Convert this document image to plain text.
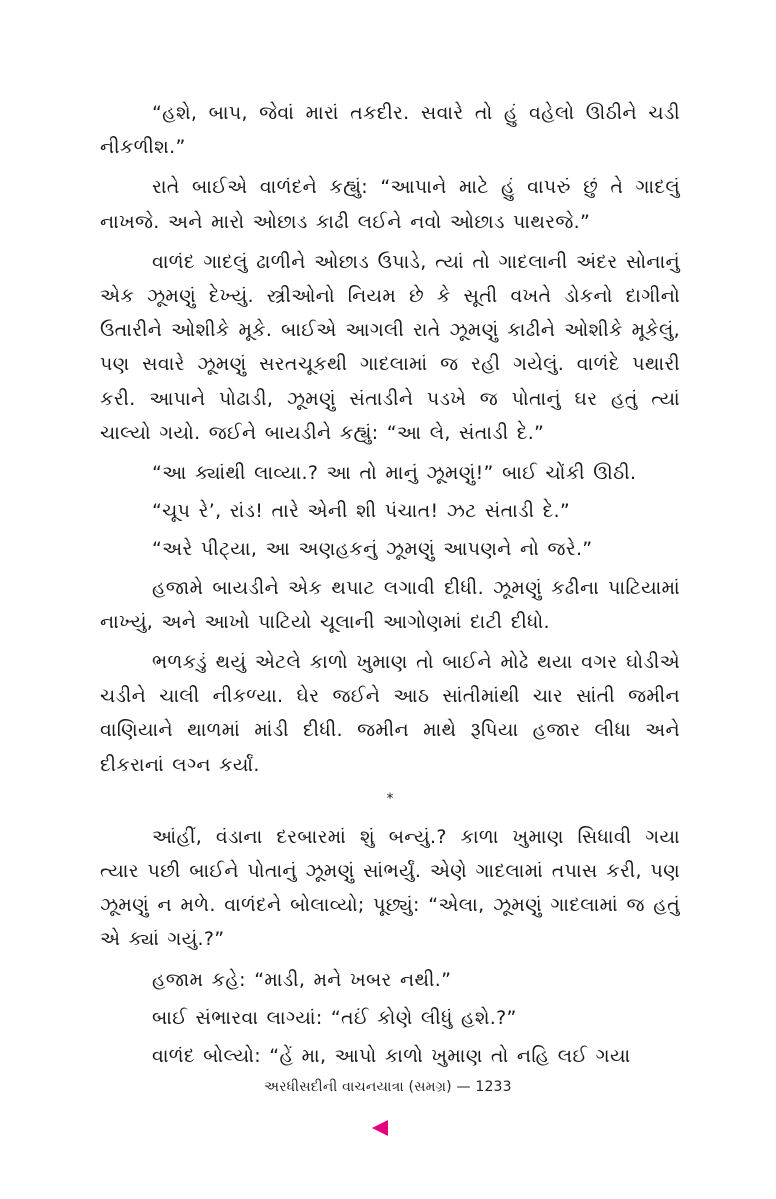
“હશે, બાપ, જેવાં મારાં તકદીર. સવારે તો હું વહેલો ઊઠીને ચડી નીકળીશ.”

રાતે બાઈએ વાળંદને કહ્યું: “આપાને માટે હું વાપરું છું તે ગાદલું નાખજે. અને મારો ઓછાડ કાઢી લઈને નવો ઓછાડ પાથરજે.”

વાળંદ ગાદલું ઢાળીને ઓછાડ ઉપાડે, ત્યાં તો ગાદલાની અંદર સોનાનું એક ઝૂમણું દેખ્યું. સ્ત્રીઓનો નિયમ છે કે સૂતી વખતે ડોકનો દાગીનો ઉતારીને ઓશીકે મૂકે. બાઈએ આગલી રાતે ઝૂમણું કાઢીને ઓશીકે મૂકેલું, પણ સવારે ઝૂમણું સરતચૂકથી ગાદલામાં જ રહી ગયેલું. વાળંદે પથારી કરી. આપાને પોઢાડી, ઝૂમણું સંતાડીને પડખે જ પોતાનું ઘર હતું ત્યાં ચાલ્યો ગયો. જઈને બાયડીને કહ્યું: “આ લે, સંતાડી દે.”

“આ ક્યાંથી લાવ્યા.? આ તો માનું ઝૂમણું!” બાઈ ચોંકી ઊઠી.

“ચૂપ રે’, રાંડ! તારે એની શી પંચાત! ઝટ સંતાડી દે.”

“અરે પીટ્યા, આ અણહકનું ઝૂમણું આપણને નો જરે.”

હજામે બાયડીને એક થપાટ લગાવી દીધી. ઝૂમણું કઢીના પાટિયામાં નાખ્યું, અને આખો પાટિયો ચૂલાની આગોણમાં દાટી દીધો.

ભળકડું થયું એટલે કાળો ખુમાણ તો બાઈને મોઢે થયા વગર ઘોડીએ ચડીને ચાલી નીકળ્યા. ઘેર જઈને આઠ સાંતીમાંથી ચાર સાંતી જમીન વાણિયાને થાળમાં માંડી દીધી. જમીન માથે રૂપિયા હજાર લીધા અને દીકરાનાં લગ્ન કર્યાં.

*

આંહીં, વંડાના દરબારમાં શું બન્યું.? કાળા ખુમાણ સિધાવી ગયા ત્યાર પછી બાઈને પોતાનું ઝૂમણું સાંભર્યું. એણે ગાદલામાં તપાસ કરી, પણ ઝૂમણું ન મળે. વાળંદને બોલાવ્યો; પૂછ્યું: “એલા, ઝૂમણું ગાદલામાં જ હતું એ ક્યાં ગયું.?”

હજામ કહે: “માડી, મને ખબર નથી.”

બાઈ સંભારવા લાગ્યાં: “તઈં કોણે લીધું હશે.?”

વાળંદ બોલ્યો: “હેં મા, આપો કાળો ખુમાણ તો નહિ લઈ ગયા

અરધીસદીની વાચનયાત્રા (સમગ્ર) — 1233
